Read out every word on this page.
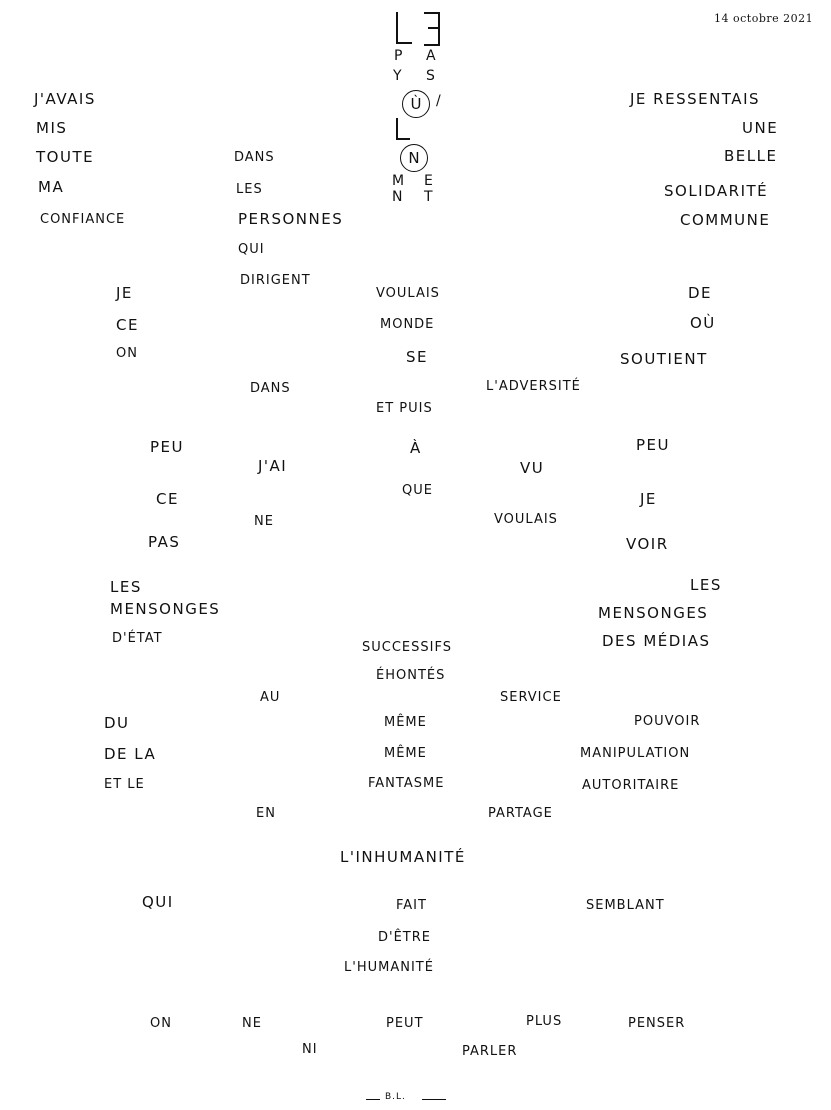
14 octobre 2021
P A
Y S
Ù /
N
M E
N T
J'AVAIS
MIS
TOUTE
MA
CONFIANCE
DANS
LES
PERSONNES
QUI
DIRIGENT
JE RESSENTAIS
UNE
BELLE
SOLIDARITÉ
COMMUNE
JE
CE
ON
VOULAIS
MONDE
SE
DE
OÙ
SOUTIENT
DANS	L'ADVERSITÉ
ET PUIS
PEU
J'AI
À
VU
PEU
CE	QUE	JE
NE	VOULAIS
PAS	VOIR
LES
MENSONGES
D'ÉTAT
LES
MENSONGES
DES MÉDIAS
SUCCESSIFS
ÉHONTÉS
AU	SERVICE
DU	MÊME	POUVOIR
DE LA	MÊME	MANIPULATION
ET LE	FANTASME	AUTORITAIRE
EN	PARTAGE
L'INHUMANITÉ
QUI	FAIT	SEMBLANT
D'ÊTRE
L'HUMANITÉ
ON	NE	PEUT	PLUS	PENSER
NI	PARLER
B.L.
